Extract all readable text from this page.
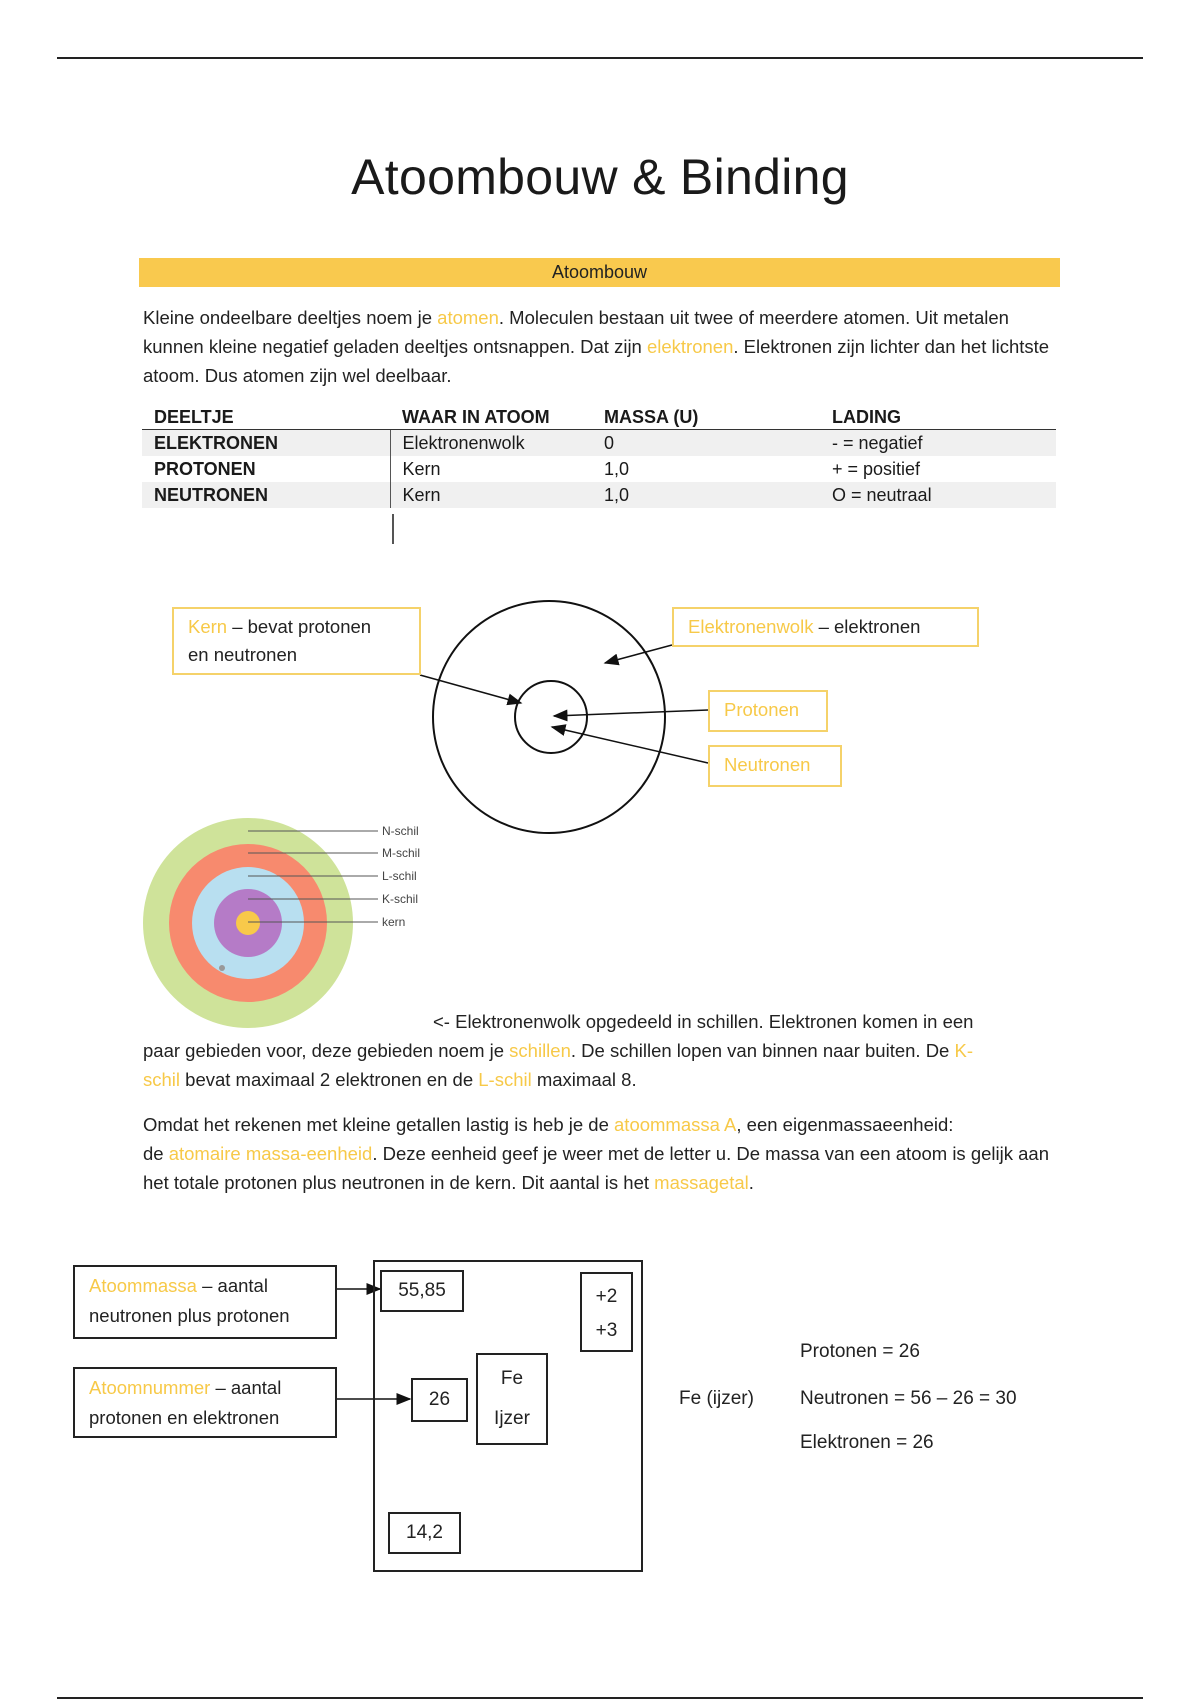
Atoombouw & Binding
Atoombouw
Kleine ondeelbare deeltjes noem je atomen. Moleculen bestaan uit twee of meerdere atomen. Uit metalen kunnen kleine negatief geladen deeltjes ontsnappen. Dat zijn elektronen. Elektronen zijn lichter dan het lichtste atoom. Dus atomen zijn wel deelbaar.
DEELTJE	WAAR IN ATOOM	MASSA (U)	LADING
ELEKTRONEN	Elektronenwolk	0	- = negatief
PROTONEN	Kern	1,0	+ = positief
NEUTRONEN	Kern	1,0	O = neutraal
N-schil
M-schil
L-schil
K-schil
kern
Kern – bevat protonen
en neutronen
Elektronenwolk – elektronen
Protonen
Neutronen
<- Elektronenwolk opgedeeld in schillen. Elektronen komen in een
paar gebieden voor, deze gebieden noem je schillen. De schillen lopen van binnen naar buiten. De K-
schil bevat maximaal 2 elektronen en de L-schil maximaal 8.
Omdat het rekenen met kleine getallen lastig is heb je de atoommassa A, een eigenmassaeenheid:
de atomaire massa-eenheid. Deze eenheid geef je weer met de letter u. De massa van een atoom is gelijk aan het totale protonen plus neutronen in de kern. Dit aantal is het massagetal.
Atoommassa – aantal
neutronen plus protonen
Atoomnummer – aantal
protonen en elektronen
55,85	+2
+3
Fe
Ijzer
26
14,2
Fe (ijzer)
Protonen = 26
Neutronen = 56 – 26 = 30
Elektronen = 26
